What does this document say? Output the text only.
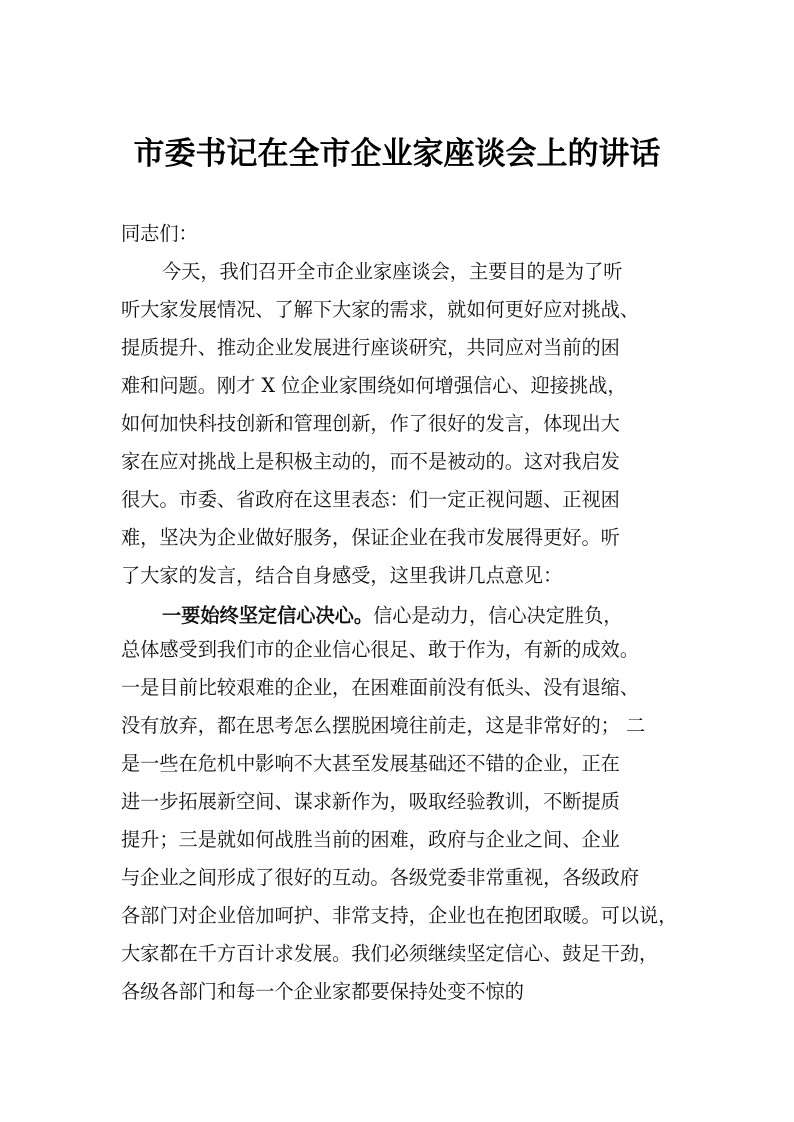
市委书记在全市企业家座谈会上的讲话
同志们：
今天，我们召开全市企业家座谈会，主要目的是为了听
听大家发展情况、了解下大家的需求，就如何更好应对挑战、
提质提升、推动企业发展进行座谈研究，共同应对当前的困
难和问题。刚才 X 位企业家围绕如何增强信心、迎接挑战，
如何加快科技创新和管理创新，作了很好的发言，体现出大
家在应对挑战上是积极主动的，而不是被动的。这对我启发
很大。市委、省政府在这里表态：们一定正视问题、正视困
难，坚决为企业做好服务，保证企业在我市发展得更好。听
了大家的发言，结合自身感受，这里我讲几点意见：
一要始终坚定信心决心。信心是动力，信心决定胜负，
总体感受到我们市的企业信心很足、敢于作为，有新的成效。
一是目前比较艰难的企业，在困难面前没有低头、没有退缩、
没有放弃，都在思考怎么摆脱困境往前走，这是非常好的； 二
是一些在危机中影响不大甚至发展基础还不错的企业，正在
进一步拓展新空间、谋求新作为，吸取经验教训，不断提质
提升；三是就如何战胜当前的困难，政府与企业之间、企业
与企业之间形成了很好的互动。各级党委非常重视，各级政府
各部门对企业倍加呵护、非常支持，企业也在抱团取暖。可以说，
大家都在千方百计求发展。我们必须继续坚定信心、鼓足干劲，
各级各部门和每一个企业家都要保持处变不惊的
